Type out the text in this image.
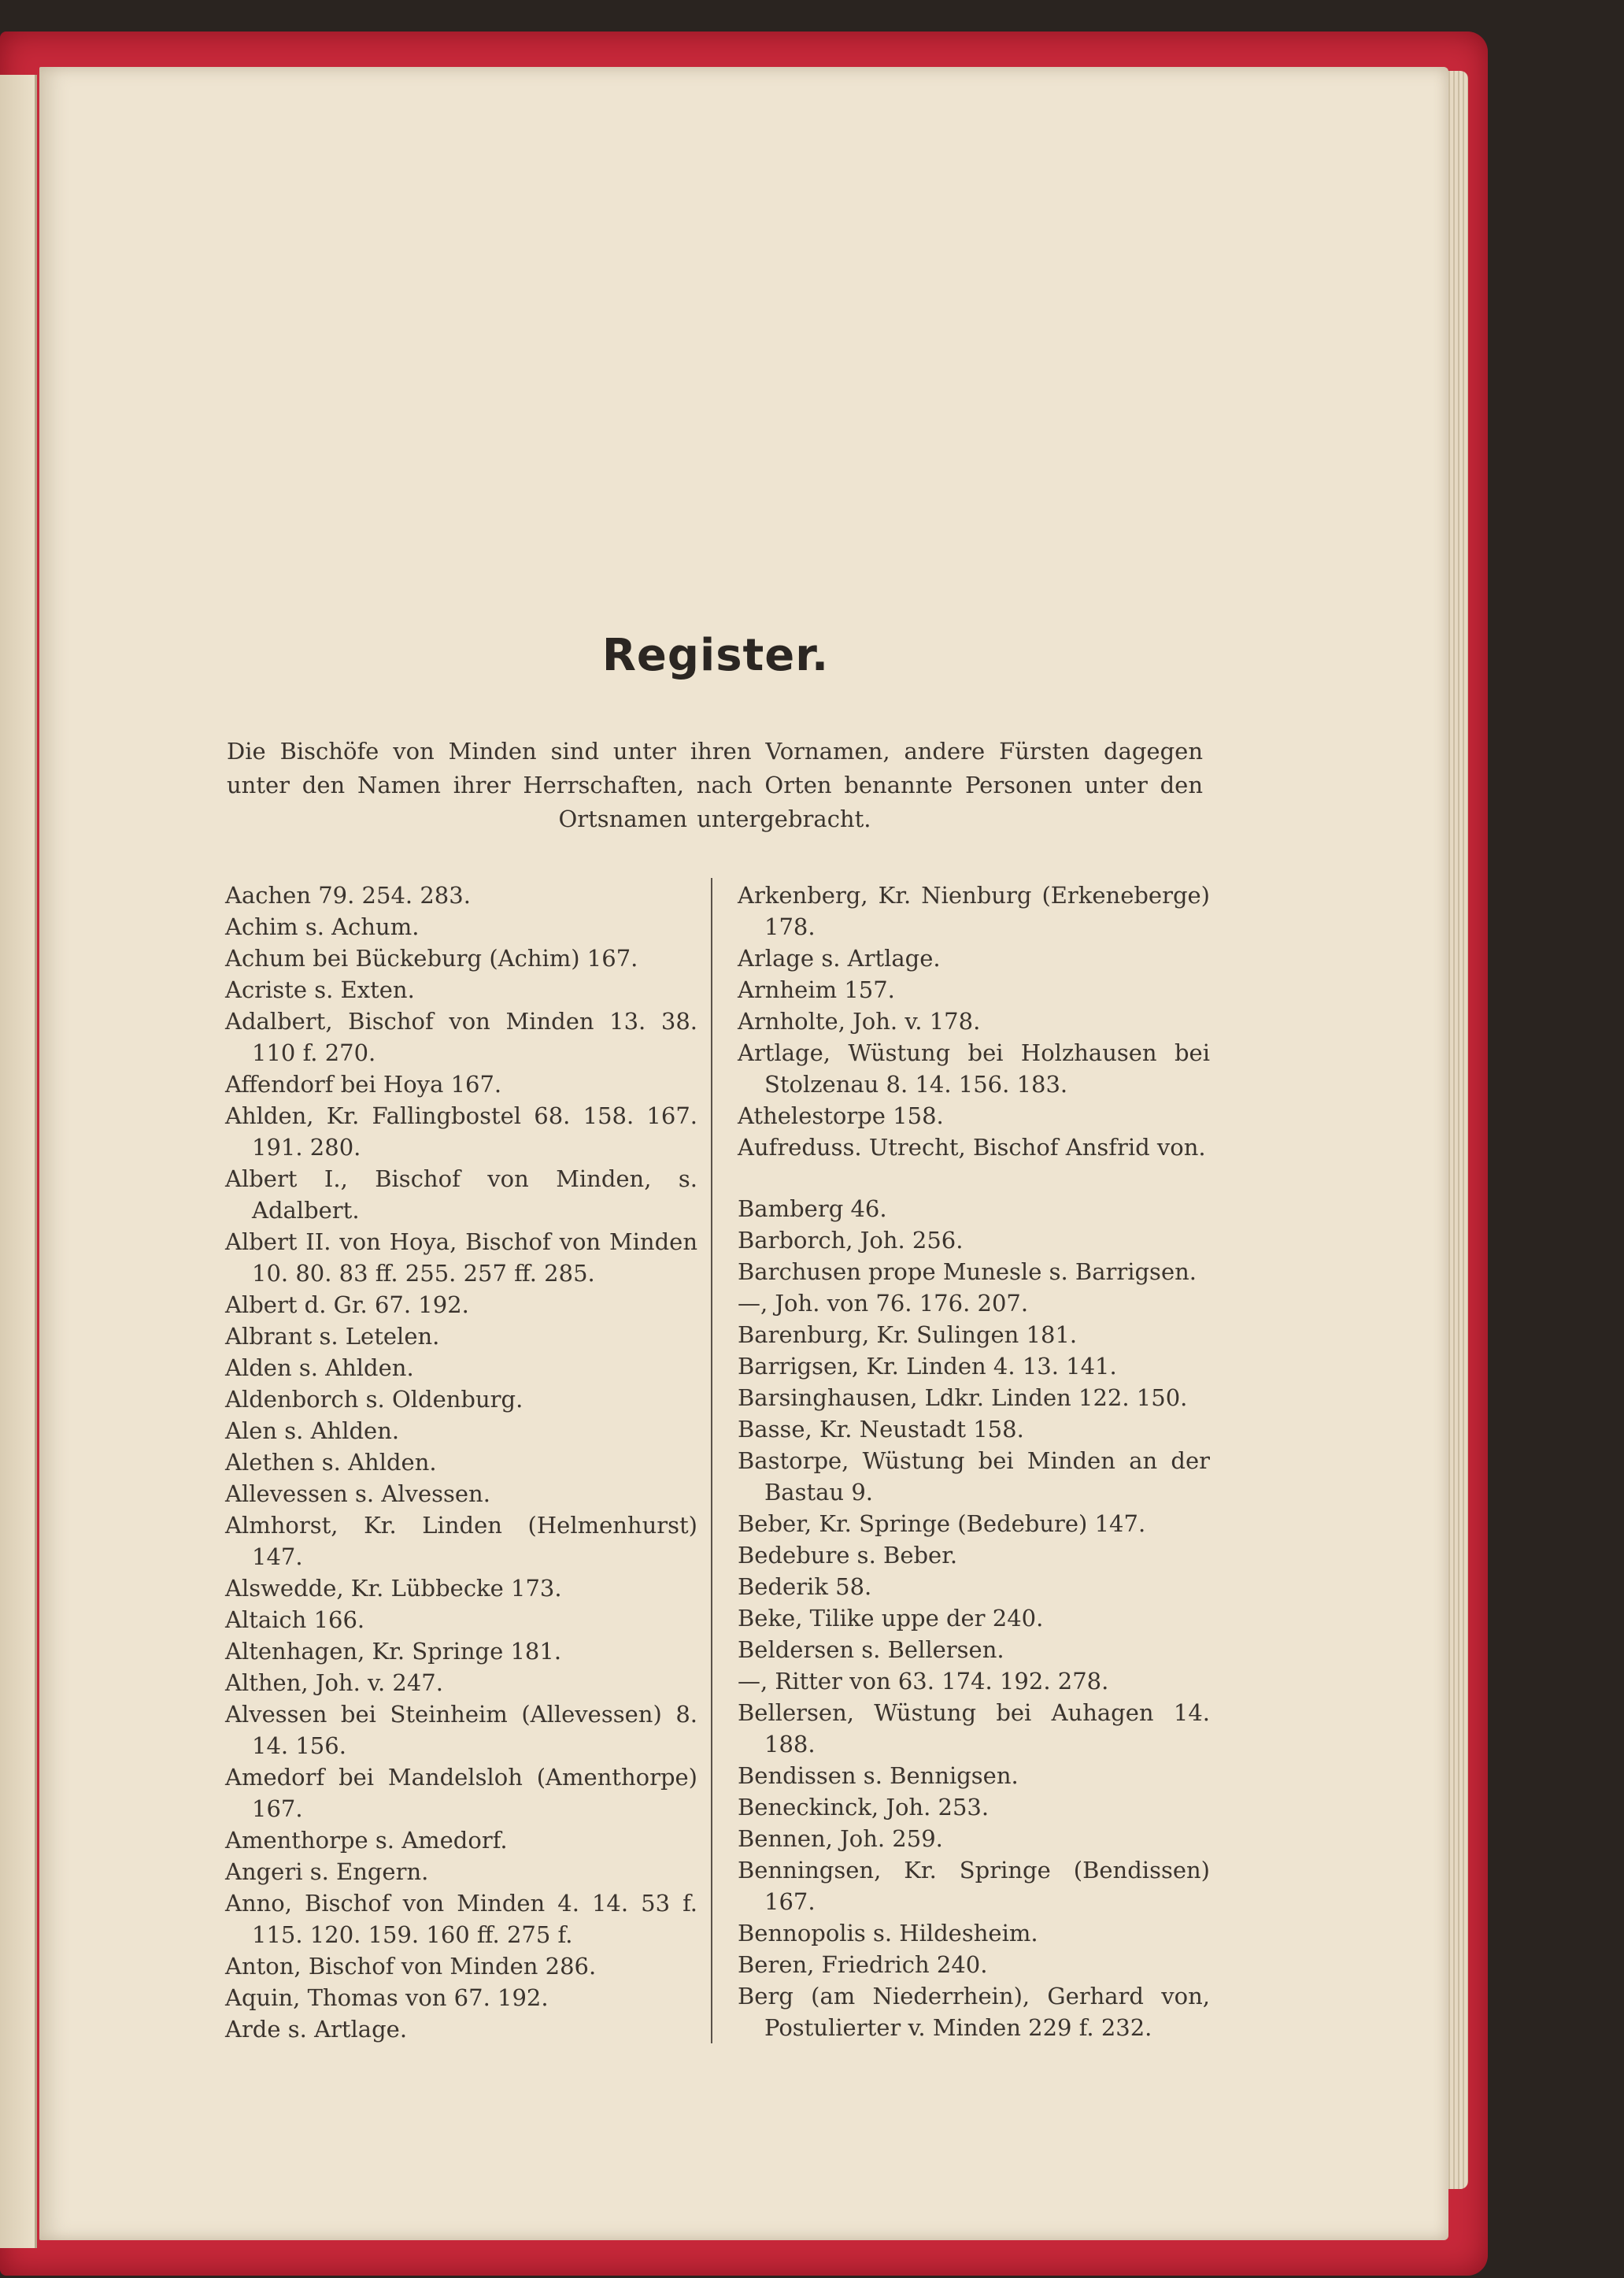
Register.
Die Bischöfe von Minden sind unter ihren Vornamen, andere Fürsten dagegen unter den Namen ihrer Herrschaften, nach Orten benannte Personen unter den Ortsnamen untergebracht.
Aachen 79. 254. 283.
Achim s. Achum.
Achum bei Bückeburg (Achim) 167.
Acriste s. Exten.
Adalbert, Bischof von Minden 13. 38. 110 f. 270.
Affendorf bei Hoya 167.
Ahlden, Kr. Fallingbostel 68. 158. 167. 191. 280.
Albert I., Bischof von Minden, s. Adalbert.
Albert II. von Hoya, Bischof von Minden 10. 80. 83 ff. 255. 257 ff. 285.
Albert d. Gr. 67. 192.
Albrant s. Letelen.
Alden s. Ahlden.
Aldenborch s. Oldenburg.
Alen s. Ahlden.
Alethen s. Ahlden.
Allevessen s. Alvessen.
Almhorst, Kr. Linden (Helmenhurst) 147.
Alswedde, Kr. Lübbecke 173.
Altaich 166.
Altenhagen, Kr. Springe 181.
Althen, Joh. v. 247.
Alvessen bei Steinheim (Allevessen) 8. 14. 156.
Amedorf bei Mandelsloh (Amenthorpe) 167.
Amenthorpe s. Amedorf.
Angeri s. Engern.
Anno, Bischof von Minden 4. 14. 53 f. 115. 120. 159. 160 ff. 275 f.
Anton, Bischof von Minden 286.
Aquin, Thomas von 67. 192.
Arde s. Artlage.
Arkenberg, Kr. Nienburg (Erkeneberge) 178.
Arlage s. Artlage.
Arnheim 157.
Arnholte, Joh. v. 178.
Artlage, Wüstung bei Holzhausen bei Stolzenau 8. 14. 156. 183.
Athelestorpe 158.
Aufreduss. Utrecht, Bischof Ansfrid von.
Bamberg 46.
Barborch, Joh. 256.
Barchusen prope Munesle s. Barrigsen.
—, Joh. von 76. 176. 207.
Barenburg, Kr. Sulingen 181.
Barrigsen, Kr. Linden 4. 13. 141.
Barsinghausen, Ldkr. Linden 122. 150.
Basse, Kr. Neustadt 158.
Bastorpe, Wüstung bei Minden an der Bastau 9.
Beber, Kr. Springe (Bedebure) 147.
Bedebure s. Beber.
Bederik 58.
Beke, Tilike uppe der 240.
Beldersen s. Bellersen.
—, Ritter von 63. 174. 192. 278.
Bellersen, Wüstung bei Auhagen 14. 188.
Bendissen s. Bennigsen.
Beneckinck, Joh. 253.
Bennen, Joh. 259.
Benningsen, Kr. Springe (Bendissen) 167.
Bennopolis s. Hildesheim.
Beren, Friedrich 240.
Berg (am Niederrhein), Gerhard von, Postulierter v. Minden 229 f. 232.
